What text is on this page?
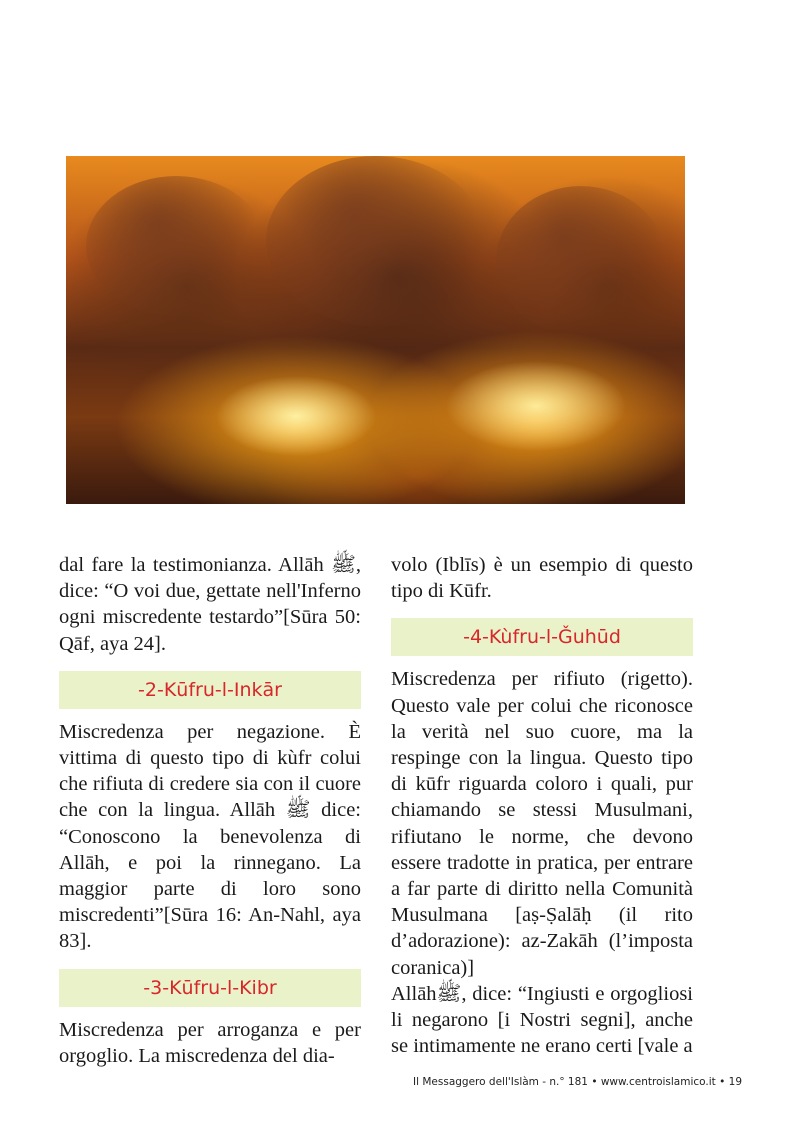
dal fare la testimonianza. Allāh ﷺ, dice: “O voi due, gettate nell'Inferno ogni miscredente testardo”[Sūra 50: Qāf, aya 24].

-2-Kūfru-l-Inkār

Miscredenza per negazione. È vittima di questo tipo di kùfr colui che rifiuta di credere sia con il cuore che con la lingua. Allāh ﷺ dice: “Conoscono la benevolenza di Allāh, e poi la rinnegano. La maggior parte di loro sono miscredenti”[Sūra 16: An-Nahl, aya 83].

-3-Kūfru-l-Kibr

Miscredenza per arroganza e per orgoglio. La miscredenza del dia-

volo (Iblīs) è un esempio di questo tipo di Kūfr.

-4-Kùfru-l-Ǧuhūd

Miscredenza per rifiuto (rigetto). Questo vale per colui che riconosce la verità nel suo cuore, ma la respinge con la lingua. Questo tipo di kūfr riguarda coloro i quali, pur chiamando se stessi Musulmani, rifiutano le norme, che devono essere tradotte in pratica, per entrare a far parte di diritto nella Comunità Musulmana [aṣ-Ṣalāḥ (il rito d’adorazione): az-Zakāh (l’imposta coranica)]

Allāhﷺ, dice: “Ingiusti e orgogliosi li negarono [i Nostri segni], anche se intimamente ne erano certi [vale a

Il Messaggero dell'Islàm - n.° 181 • www.centroislamico.it • 19
